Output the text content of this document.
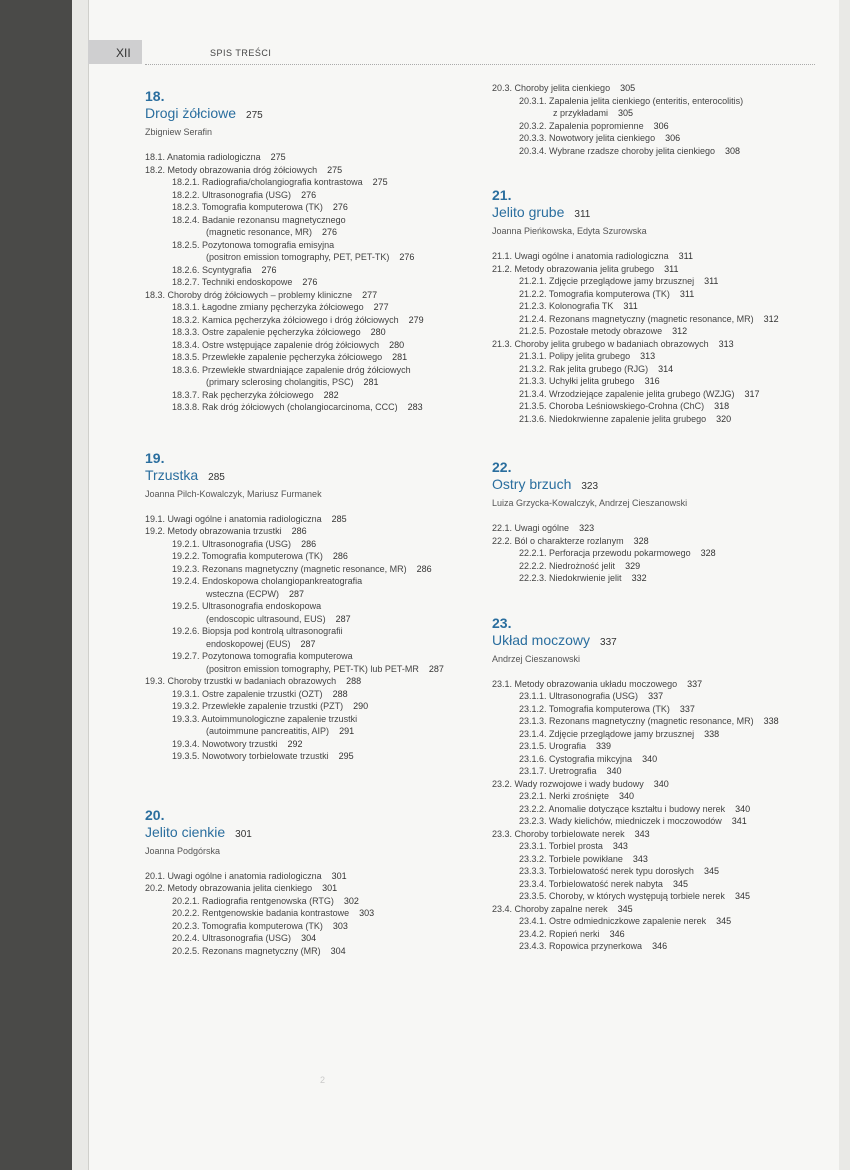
XII	SPIS TREŚCI
18.
Drogi żółciowe 275
Zbigniew Serafin
18.1. Anatomia radiologiczna 275
18.2. Metody obrazowania dróg żółciowych 275
18.2.1. Radiografia/cholangiografia kontrastowa 275
18.2.2. Ultrasonografia (USG) 276
18.2.3. Tomografia komputerowa (TK) 276
18.2.4. Badanie rezonansu magnetycznego
(magnetic resonance, MR) 276
18.2.5. Pozytonowa tomografia emisyjna
(positron emission tomography, PET, PET-TK) 276
18.2.6. Scyntygrafia 276
18.2.7. Techniki endoskopowe 276
18.3. Choroby dróg żółciowych – problemy kliniczne 277
18.3.1. Łagodne zmiany pęcherzyka żółciowego 277
18.3.2. Kamica pęcherzyka żółciowego i dróg żółciowych 279
18.3.3. Ostre zapalenie pęcherzyka żółciowego 280
18.3.4. Ostre wstępujące zapalenie dróg żółciowych 280
18.3.5. Przewlekłe zapalenie pęcherzyka żółciowego 281
18.3.6. Przewlekłe stwardniające zapalenie dróg żółciowych
(primary sclerosing cholangitis, PSC) 281
18.3.7. Rak pęcherzyka żółciowego 282
18.3.8. Rak dróg żółciowych (cholangiocarcinoma, CCC) 283
19.
Trzustka 285
Joanna Pilch-Kowalczyk, Mariusz Furmanek
19.1. Uwagi ogólne i anatomia radiologiczna 285
19.2. Metody obrazowania trzustki 286
19.2.1. Ultrasonografia (USG) 286
19.2.2. Tomografia komputerowa (TK) 286
19.2.3. Rezonans magnetyczny (magnetic resonance, MR) 286
19.2.4. Endoskopowa cholangiopankreatografia
wsteczna (ECPW) 287
19.2.5. Ultrasonografia endoskopowa
(endoscopic ultrasound, EUS) 287
19.2.6. Biopsja pod kontrolą ultrasonografii
endoskopowej (EUS) 287
19.2.7. Pozytonowa tomografia komputerowa
(positron emission tomography, PET-TK) lub PET-MR 287
19.3. Choroby trzustki w badaniach obrazowych 288
19.3.1. Ostre zapalenie trzustki (OZT) 288
19.3.2. Przewlekłe zapalenie trzustki (PZT) 290
19.3.3. Autoimmunologiczne zapalenie trzustki
(autoimmune pancreatitis, AIP) 291
19.3.4. Nowotwory trzustki 292
19.3.5. Nowotwory torbielowate trzustki 295
20.
Jelito cienkie 301
Joanna Podgórska
20.1. Uwagi ogólne i anatomia radiologiczna 301
20.2. Metody obrazowania jelita cienkiego 301
20.2.1. Radiografia rentgenowska (RTG) 302
20.2.2. Rentgenowskie badania kontrastowe 303
20.2.3. Tomografia komputerowa (TK) 303
20.2.4. Ultrasonografia (USG) 304
20.2.5. Rezonans magnetyczny (MR) 304
20.3. Choroby jelita cienkiego 305
20.3.1. Zapalenia jelita cienkiego (enteritis, enterocolitis)
z przykładami 305
20.3.2. Zapalenia popromienne 306
20.3.3. Nowotwory jelita cienkiego 306
20.3.4. Wybrane rzadsze choroby jelita cienkiego 308
21.
Jelito grube 311
Joanna Pieńkowska, Edyta Szurowska
21.1. Uwagi ogólne i anatomia radiologiczna 311
21.2. Metody obrazowania jelita grubego 311
21.2.1. Zdjęcie przeglądowe jamy brzusznej 311
21.2.2. Tomografia komputerowa (TK) 311
21.2.3. Kolonografia TK 311
21.2.4. Rezonans magnetyczny (magnetic resonance, MR) 312
21.2.5. Pozostałe metody obrazowe 312
21.3. Choroby jelita grubego w badaniach obrazowych 313
21.3.1. Polipy jelita grubego 313
21.3.2. Rak jelita grubego (RJG) 314
21.3.3. Uchyłki jelita grubego 316
21.3.4. Wrzodziejące zapalenie jelita grubego (WZJG) 317
21.3.5. Choroba Leśniowskiego-Crohna (ChC) 318
21.3.6. Niedokrwienne zapalenie jelita grubego 320
22.
Ostry brzuch 323
Luiza Grzycka-Kowalczyk, Andrzej Cieszanowski
22.1. Uwagi ogólne 323
22.2. Ból o charakterze rozlanym 328
22.2.1. Perforacja przewodu pokarmowego 328
22.2.2. Niedrożność jelit 329
22.2.3. Niedokrwienie jelit 332
23.
Układ moczowy 337
Andrzej Cieszanowski
23.1. Metody obrazowania układu moczowego 337
23.1.1. Ultrasonografia (USG) 337
23.1.2. Tomografia komputerowa (TK) 337
23.1.3. Rezonans magnetyczny (magnetic resonance, MR) 338
23.1.4. Zdjęcie przeglądowe jamy brzusznej 338
23.1.5. Urografia 339
23.1.6. Cystografia mikcyjna 340
23.1.7. Uretrografia 340
23.2. Wady rozwojowe i wady budowy 340
23.2.1. Nerki zrośnięte 340
23.2.2. Anomalie dotyczące kształtu i budowy nerek 340
23.2.3. Wady kielichów, miedniczek i moczowodów 341
23.3. Choroby torbielowate nerek 343
23.3.1. Torbiel prosta 343
23.3.2. Torbiele powikłane 343
23.3.3. Torbielowatość nerek typu dorosłych 345
23.3.4. Torbielowatość nerek nabyta 345
23.3.5. Choroby, w których występują torbiele nerek 345
23.4. Choroby zapalne nerek 345
23.4.1. Ostre odmiedniczkowe zapalenie nerek 345
23.4.2. Ropień nerki 346
23.4.3. Ropowica przynerkowa 346
2
